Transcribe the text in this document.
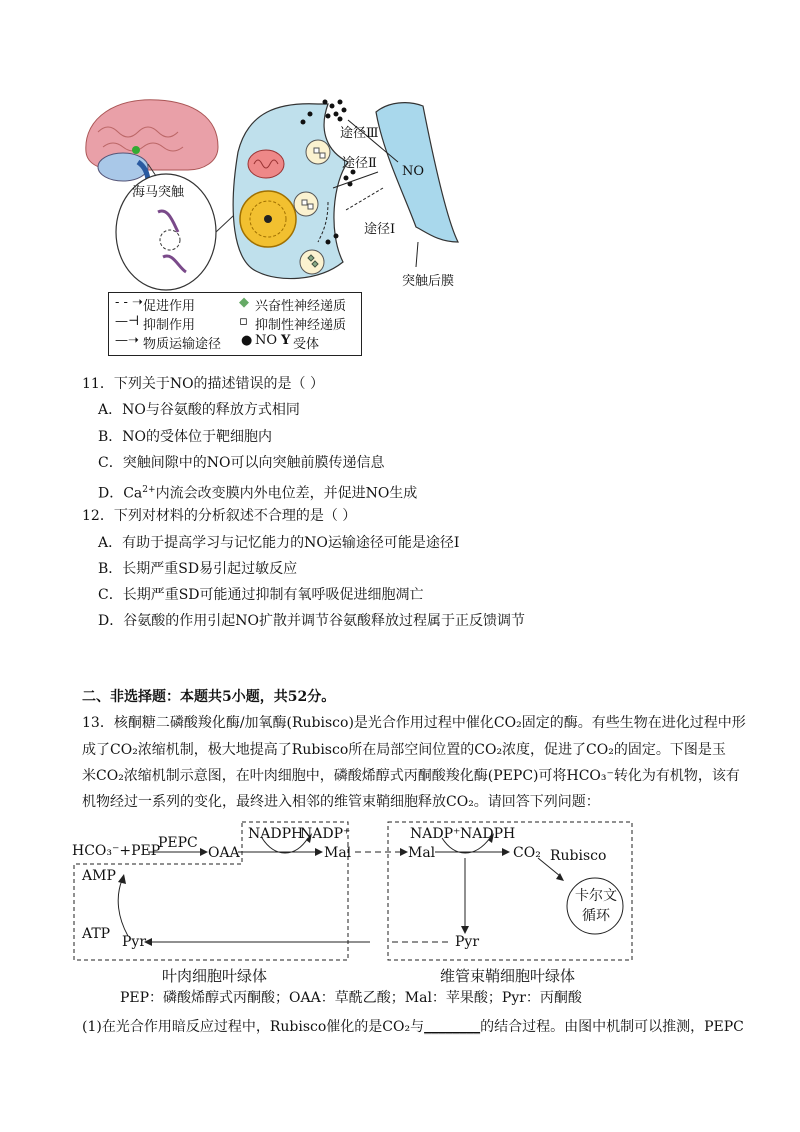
海马突触
途径Ⅲ
途径Ⅱ
途径Ⅰ
NO
突触后膜
- - ➝ 促进作用
—⊣ 抑制作用
—➝ 物质运输途径
◆ 兴奋性神经递质
▫ 抑制性神经递质
● NO Y 受体
11．下列关于NO的描述错误的是（ ）
A．NO与谷氨酸的释放方式相同
B．NO的受体位于靶细胞内
C．突触间隙中的NO可以向突触前膜传递信息
D．$Ca^{2+}$内流会改变膜内外电位差，并促进NO生成
12．下列对材料的分析叙述不合理的是（ ）
A．有助于提高学习与记忆能力的NO运输途径可能是途径Ⅰ
B．长期严重SD易引起过敏反应
C．长期严重SD可能通过抑制有氧呼吸促进细胞凋亡
D．谷氨酸的作用引起NO扩散并调节谷氨酸释放过程属于正反馈调节
二、非选择题：本题共5小题，共52分。
13．核酮糖二磷酸羧化酶/加氧酶(Rubisco)是光合作用过程中催化CO₂固定的酶。有些生物在进化过程中形
成了CO₂浓缩机制，极大地提高了Rubisco所在局部空间位置的CO₂浓度，促进了CO₂的固定。下图是玉
米CO₂浓缩机制示意图，在叶肉细胞中，磷酸烯醇式丙酮酸羧化酶(PEPC)可将HCO₃⁻转化为有机物，该有
机物经过一系列的变化，最终进入相邻的维管束鞘细胞释放CO₂。请回答下列问题：
HCO₃⁻+PEP
PEPC
OAA
NADPH
NADP⁺
Mal	Mal
NADP⁺ NADPH
CO₂ Rubisco
卡尔文循环
AMP
ATP Pyr	Pyr
叶肉细胞叶绿体	维管束鞘细胞叶绿体
PEP：磷酸烯醇式丙酮酸；OAA：草酰乙酸；Mal：苹果酸；Pyr：丙酮酸
(1)在光合作用暗反应过程中，Rubisco催化的是CO₂与________的结合过程。由图中机制可以推测，PEPC
